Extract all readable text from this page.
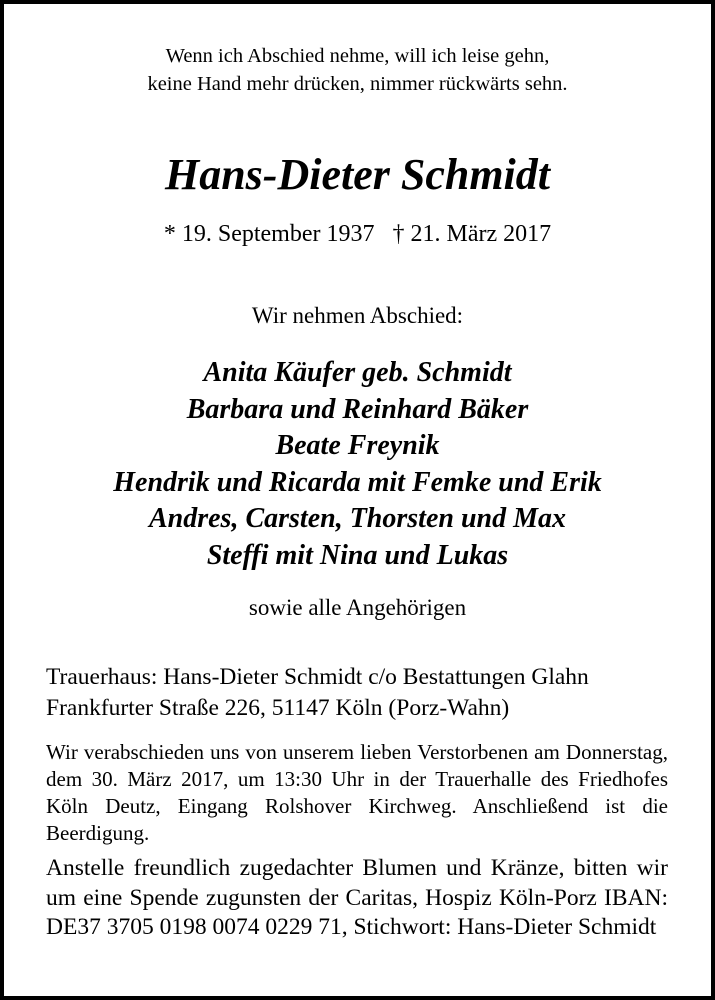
Wenn ich Abschied nehme, will ich leise gehn,
keine Hand mehr drücken, nimmer rückwärts sehn.
Hans-Dieter Schmidt
* 19. September 1937   † 21. März 2017
Wir nehmen Abschied:
Anita Käufer geb. Schmidt
Barbara und Reinhard Bäker
Beate Freynik
Hendrik und Ricarda mit Femke und Erik
Andres, Carsten, Thorsten und Max
Steffi mit Nina und Lukas
sowie alle Angehörigen
Trauerhaus: Hans-Dieter Schmidt c/o Bestattungen Glahn
Frankfurter Straße 226, 51147 Köln (Porz-Wahn)
Wir verabschieden uns von unserem lieben Verstorbenen am Donnerstag, dem 30. März 2017, um 13:30 Uhr in der Trauerhalle des Friedhofes Köln Deutz, Eingang Rolshover Kirchweg. Anschließend ist die Beerdigung.
Anstelle freundlich zugedachter Blumen und Kränze, bitten wir um eine Spende zugunsten der Caritas, Hospiz Köln-Porz IBAN: DE37 3705 0198 0074 0229 71, Stichwort: Hans-Dieter Schmidt
